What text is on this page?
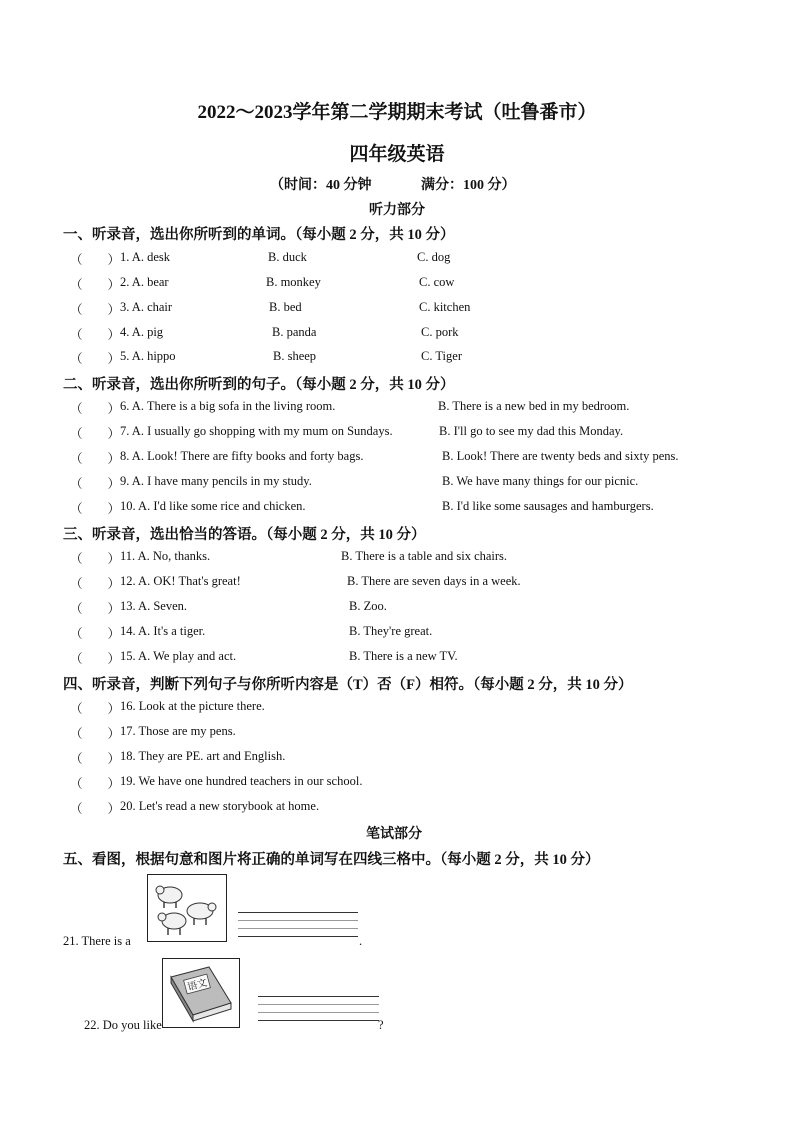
2022～2023学年第二学期期末考试（吐鲁番市）
四年级英语
（时间：40 分钟	满分：100 分）
听力部分
一、听录音，选出你所听到的单词。（每小题 2 分，共 10 分）
（　　） 1. A. desk	B. duck	C. dog
（　　） 2. A. bear	B. monkey	C. cow
（　　） 3. A. chair	B. bed	C. kitchen
（　　） 4. A. pig	B. panda	C. pork
（　　） 5. A. hippo	B. sheep	C. Tiger
二、听录音，选出你所听到的句子。（每小题 2 分，共 10 分）
（　　） 6. A. There is a big sofa in the living room.	B. There is a new bed in my bedroom.
（　　） 7. A. I usually go shopping with my mum on Sundays.	B. I'll go to see my dad this Monday.
（　　） 8. A. Look! There are fifty books and forty bags.	B. Look! There are twenty beds and sixty pens.
（　　） 9. A. I have many pencils in my study.	B. We have many things for our picnic.
（　　） 10. A. I'd like some rice and chicken.	B. I'd like some sausages and hamburgers.
三、听录音，选出恰当的答语。（每小题 2 分，共 10 分）
（　　） 11. A. No, thanks.	B. There is a table and six chairs.
（　　） 12. A. OK! That's great!	B. There are seven days in a week.
（　　） 13. A. Seven.	B. Zoo.
（　　） 14. A. It's a tiger.	B. They're great.
（　　） 15. A. We play and act.	B. There is a new TV.
四、听录音，判断下列句子与你所听内容是（T）否（F）相符。（每小题 2 分，共 10 分）
（　　） 16. Look at the picture there.
（　　） 17. Those are my pens.
（　　） 18. They are PE. art and English.
（　　） 19. We have one hundred teachers in our school.
（　　） 20. Let's read a new storybook at home.
笔试部分
五、看图，根据句意和图片将正确的单词写在四线三格中。（每小题 2 分，共 10 分）
21. There is a	.
语文
22. Do you like	?
